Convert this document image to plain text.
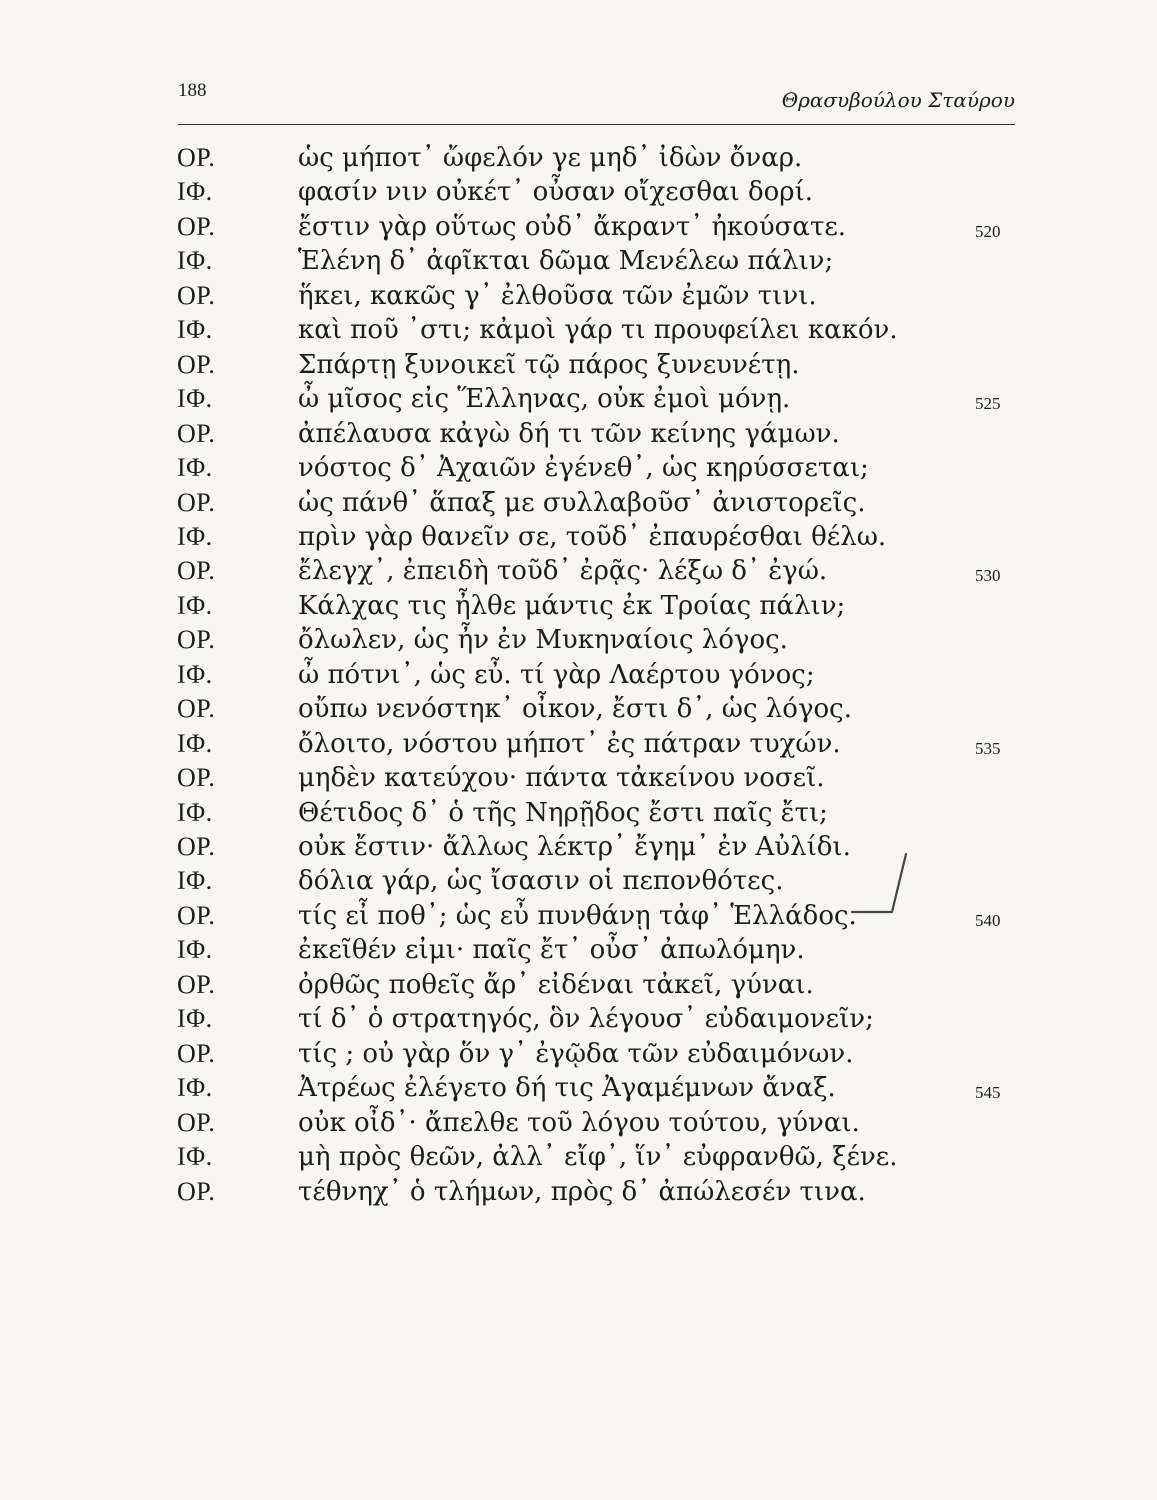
188	Θρασυβούλου Σταύρου
ΟΡ.	ὡς μήποτ᾽ ὤφελόν γε μηδ᾽ ἰδὼν ὄναρ.
ΙΦ.	φασίν νιν οὐκέτ᾽ οὖσαν οἴχεσθαι δορί.
ΟΡ.	ἔστιν γὰρ οὕτως οὐδ᾽ ἄκραντ᾽ ἠκούσατε.	520
ΙΦ.	Ἑλένη δ᾽ ἀφῖκται δῶμα Μενέλεω πάλιν;
ΟΡ.	ἥκει, κακῶς γ᾽ ἐλθοῦσα τῶν ἐμῶν τινι.
ΙΦ.	καὶ ποῦ ᾽στι; κἀμοὶ γάρ τι προυφείλει κακόν.
ΟΡ.	Σπάρτῃ ξυνοικεῖ τῷ πάρος ξυνευνέτῃ.
ΙΦ.	ὦ μῖσος εἰς Ἕλληνας, οὐκ ἐμοὶ μόνῃ.	525
ΟΡ.	ἀπέλαυσα κἀγὼ δή τι τῶν κείνης γάμων.
ΙΦ.	νόστος δ᾽ Ἀχαιῶν ἐγένεθ᾽, ὡς κηρύσσεται;
ΟΡ.	ὡς πάνθ᾽ ἅπαξ με συλλαβοῦσ᾽ ἀνιστορεῖς.
ΙΦ.	πρὶν γὰρ θανεῖν σε, τοῦδ᾽ ἐπαυρέσθαι θέλω.
ΟΡ.	ἔλεγχ᾽, ἐπειδὴ τοῦδ᾽ ἐρᾷς· λέξω δ᾽ ἐγώ.	530
ΙΦ.	Κάλχας τις ἦλθε μάντις ἐκ Τροίας πάλιν;
ΟΡ.	ὄλωλεν, ὡς ἦν ἐν Μυκηναίοις λόγος.
ΙΦ.	ὦ πότνι᾽, ὡς εὖ. τί γὰρ Λαέρτου γόνος;
ΟΡ.	οὔπω νενόστηκ᾽ οἶκον, ἔστι δ᾽, ὡς λόγος.
ΙΦ.	ὄλοιτο, νόστου μήποτ᾽ ἐς πάτραν τυχών.	535
ΟΡ.	μηδὲν κατεύχου· πάντα τἀκείνου νοσεῖ.
ΙΦ.	Θέτιδος δ᾽ ὁ τῆς Νηρῇδος ἔστι παῖς ἔτι;
ΟΡ.	οὐκ ἔστιν· ἄλλως λέκτρ᾽ ἔγημ᾽ ἐν Αὐλίδι.
ΙΦ.	δόλια γάρ, ὡς ἴσασιν οἱ πεπονθότες.
ΟΡ.	τίς εἶ ποθ᾽; ὡς εὖ πυνθάνῃ τἀφ᾽ Ἑλλάδος.	540
ΙΦ.	ἐκεῖθέν εἰμι· παῖς ἔτ᾽ οὖσ᾽ ἀπωλόμην.
ΟΡ.	ὀρθῶς ποθεῖς ἄρ᾽ εἰδέναι τἀκεῖ, γύναι.
ΙΦ.	τί δ᾽ ὁ στρατηγός, ὃν λέγουσ᾽ εὐδαιμονεῖν;
ΟΡ.	τίς ; οὐ γὰρ ὅν γ᾽ ἐγῷδα τῶν εὐδαιμόνων.
ΙΦ.	Ἀτρέως ἐλέγετο δή τις Ἀγαμέμνων ἄναξ.	545
ΟΡ.	οὐκ οἶδ᾽· ἄπελθε τοῦ λόγου τούτου, γύναι.
ΙΦ.	μὴ πρὸς θεῶν, ἀλλ᾽ εἴφ᾽, ἵν᾽ εὐφρανθῶ, ξένε.
ΟΡ.	τέθνηχ᾽ ὁ τλήμων, πρὸς δ᾽ ἀπώλεσέν τινα.
